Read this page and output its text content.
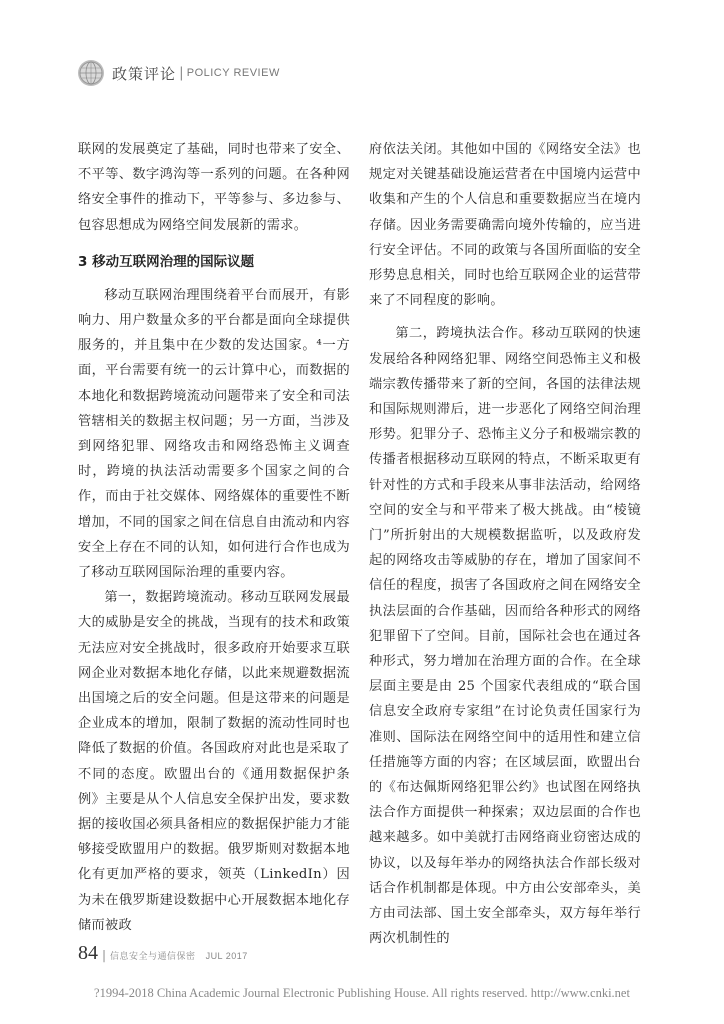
政策评论 | POLICY REVIEW

联网的发展奠定了基础，同时也带来了安全、不平等、数字鸿沟等一系列的问题。在各种网络安全事件的推动下，平等参与、多边参与、包容思想成为网络空间发展新的需求。

3 移动互联网治理的国际议题

移动互联网治理围绕着平台而展开，有影响力、用户数量众多的平台都是面向全球提供服务的，并且集中在少数的发达国家。⁴一方面，平台需要有统一的云计算中心，而数据的本地化和数据跨境流动问题带来了安全和司法管辖相关的数据主权问题；另一方面，当涉及到网络犯罪、网络攻击和网络恐怖主义调查时，跨境的执法活动需要多个国家之间的合作，而由于社交媒体、网络媒体的重要性不断增加，不同的国家之间在信息自由流动和内容安全上存在不同的认知，如何进行合作也成为了移动互联网国际治理的重要内容。

第一，数据跨境流动。移动互联网发展最大的威胁是安全的挑战，当现有的技术和政策无法应对安全挑战时，很多政府开始要求互联网企业对数据本地化存储，以此来规避数据流出国境之后的安全问题。但是这带来的问题是企业成本的增加，限制了数据的流动性同时也降低了数据的价值。各国政府对此也是采取了不同的态度。欧盟出台的《通用数据保护条例》主要是从个人信息安全保护出发，要求数据的接收国必须具备相应的数据保护能力才能够接受欧盟用户的数据。俄罗斯则对数据本地化有更加严格的要求，领英（LinkedIn）因为未在俄罗斯建设数据中心开展数据本地化存储而被政

府依法关闭。其他如中国的《网络安全法》也规定对关键基础设施运营者在中国境内运营中收集和产生的个人信息和重要数据应当在境内存储。因业务需要确需向境外传输的，应当进行安全评估。不同的政策与各国所面临的安全形势息息相关，同时也给互联网企业的运营带来了不同程度的影响。

第二，跨境执法合作。移动互联网的快速发展给各种网络犯罪、网络空间恐怖主义和极端宗教传播带来了新的空间，各国的法律法规和国际规则滞后，进一步恶化了网络空间治理形势。犯罪分子、恐怖主义分子和极端宗教的传播者根据移动互联网的特点，不断采取更有针对性的方式和手段来从事非法活动，给网络空间的安全与和平带来了极大挑战。由“棱镜门”所折射出的大规模数据监听，以及政府发起的网络攻击等威胁的存在，增加了国家间不信任的程度，损害了各国政府之间在网络安全执法层面的合作基础，因而给各种形式的网络犯罪留下了空间。目前，国际社会也在通过各种形式，努力增加在治理方面的合作。在全球层面主要是由 25 个国家代表组成的“联合国信息安全政府专家组”在讨论负责任国家行为准则、国际法在网络空间中的适用性和建立信任措施等方面的内容；在区域层面，欧盟出台的《布达佩斯网络犯罪公约》也试图在网络执法合作方面提供一种探索；双边层面的合作也越来越多。如中美就打击网络商业窃密达成的协议，以及每年举办的网络执法合作部长级对话合作机制都是体现。中方由公安部牵头，美方由司法部、国土安全部牵头，双方每年举行两次机制性的

84 | 信息安全与通信保密 JUL 2017
?1994-2018 China Academic Journal Electronic Publishing House. All rights reserved. http://www.cnki.net
